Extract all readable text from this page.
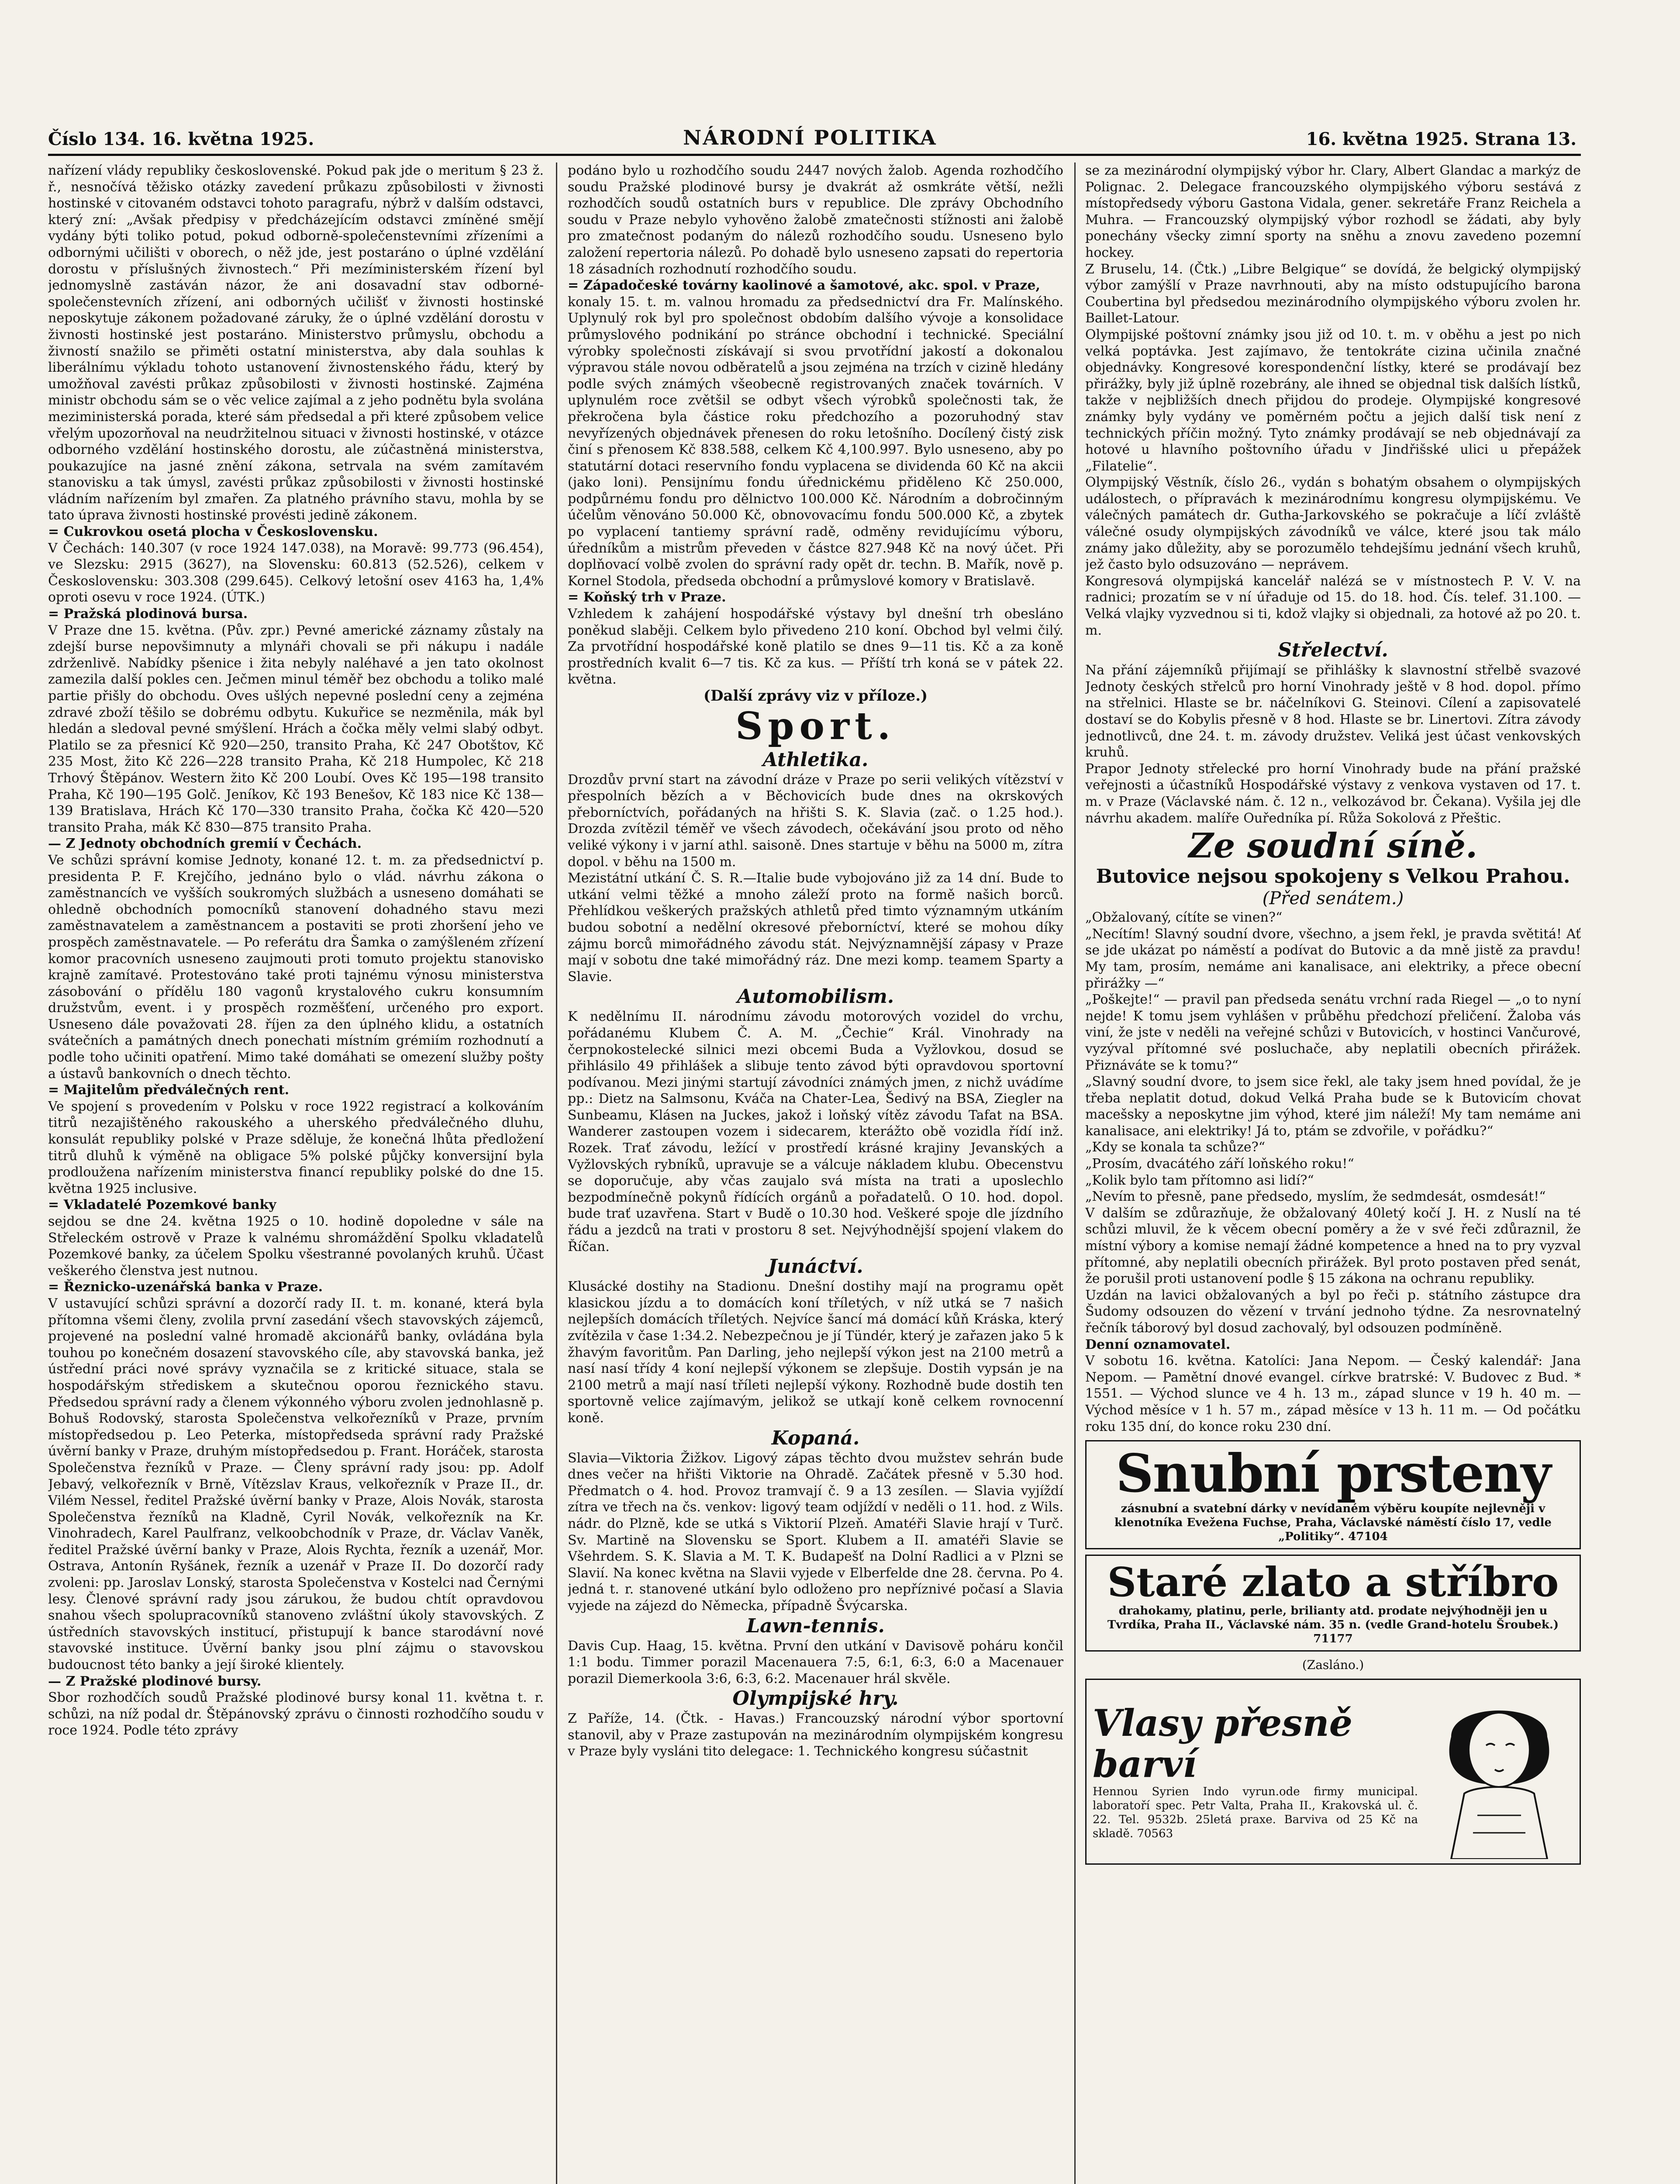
Číslo 134. 16. května 1925.	NÁRODNÍ POLITIKA	16. května 1925. Strana 13.

nařízení vlády republiky československé. Pokud pak jde o meritum § 23 ž. ř., nesnočívá těžisko otázky zavedení průkazu způsobilosti v živnosti hostinské v citovaném odstavci tohoto paragrafu, nýbrž v dalším odstavci, který zní: „Avšak předpisy v předcházejícím odstavci zmíněné smějí vydány býti toliko potud, pokud odborně-společenstevními zřízeními a odbornými učilišti v oborech, o něž jde, jest postaráno o úplné vzdělání dorostu v příslušných živnostech.“ Při mezíministerském řízení byl jednomyslně zastáván názor, že ani dosavadní stav odborné-společenstevních zřízení, ani odborných učilišť v živnosti hostinské neposkytuje zákonem požadované záruky, že o úplné vzdělání dorostu v živnosti hostinské jest postaráno. Ministerstvo průmyslu, obchodu a živností snažilo se přiměti ostatní ministerstva, aby dala souhlas k liberálnímu výkladu tohoto ustanovení živnostenského řádu, který by umožňoval zavésti průkaz způsobilosti v živnosti hostinské. Zajména ministr obchodu sám se o věc velice zajímal a z jeho podnětu byla svolána meziministerská porada, které sám předsedal a při které způsobem velice vřelým upozorňoval na neudržitelnou situaci v živnosti hostinské, v otázce odborného vzdělání hostinského dorostu, ale zúčastněná ministerstva, poukazujíce na jasné znění zákona, setrvala na svém zamítavém stanovisku a tak úmysl, zavésti průkaz způsobilosti v živnosti hostinské vládním nařízením byl zmařen. Za platného právního stavu, mohla by se tato úprava živnosti hostinské provésti jedině zákonem.

= Cukrovkou osetá plocha v Československu.

V Čechách: 140.307 (v roce 1924 147.038), na Moravě: 99.773 (96.454), ve Slezsku: 2915 (3627), na Slovensku: 60.813 (52.526), celkem v Československu: 303.308 (299.645). Celkový letošní osev 4163 ha, 1,4% oproti osevu v roce 1924. (ÚTK.)

= Pražská plodinová bursa.

V Praze dne 15. května. (Pův. zpr.) Pevné americké záznamy zůstaly na zdejší burse nepovšimnuty a mlynáři chovali se při nákupu i nadále zdrženlivě. Nabídky pšenice i žita nebyly naléhavé a jen tato okolnost zamezila další pokles cen. Ječmen minul téměř bez obchodu a toliko malé partie přišly do obchodu. Oves ušlých nepevné poslední ceny a zejména zdravé zboží těšilo se dobrému odbytu. Kukuřice se nezměnila, mák byl hledán a sledoval pevné smýšlení. Hrách a čočka měly velmi slabý odbyt. Platilo se za přesnicí Kč 920—250, transito Praha, Kč 247 Obotštov, Kč 235 Most, žito Kč 226—228 transito Praha, Kč 218 Humpolec, Kč 218 Trhový Štěpánov. Western žito Kč 200 Loubí. Oves Kč 195—198 transito Praha, Kč 190—195 Golč. Jeníkov, Kč 193 Benešov, Kč 183 nice Kč 138—139 Bratislava, Hrách Kč 170—330 transito Praha, čočka Kč 420—520 transito Praha, mák Kč 830—875 transito Praha.

— Z Jednoty obchodních gremií v Čechách.

Ve schůzi správní komise Jednoty, konané 12. t. m. za předsednictví p. presidenta P. F. Krejčího, jednáno bylo o vlád. návrhu zákona o zaměstnancích ve vyšších soukromých službách a usneseno domáhati se ohledně obchodních pomocníků stanovení dohadného stavu mezi zaměstnavatelem a zaměstnancem a postaviti se proti zhoršení jeho ve prospěch zaměstnavatele. — Po referátu dra Šamka o zamýšleném zřízení komor pracovních usneseno zaujmouti proti tomuto projektu stanovisko krajně zamítavé. Protestováno také proti tajnému výnosu ministerstva zásobování o přídělu 180 vagonů krystalového cukru konsumním družstvům, event. i y prospěch rozměšťení, určeného pro export. Usneseno dále považovati 28. říjen za den úplného klidu, a ostatních svátečních a památných dnech ponechati místním grémiím rozhodnutí a podle toho učiniti opatření. Mimo také domáhati se omezení služby pošty a ústavů bankovních o dnech těchto.

= Majitelům předválečných rent.

Ve spojení s provedením v Polsku v roce 1922 registrací a kolkováním titrů nezajištěného rakouského a uherského předválečného dluhu, konsulát republiky polské v Praze sděluje, že konečná lhůta předložení titrů dluhů k výměně na obligace 5% polské půjčky konversijní byla prodloužena nařízením ministerstva financí republiky polské do dne 15. května 1925 inclusive.

= Vkladatelé Pozemkové banky

sejdou se dne 24. května 1925 o 10. hodině dopoledne v sále na Střeleckém ostrově v Praze k valnému shromáždění Spolku vkladatelů Pozemkové banky, za účelem Spolku všestranné povolaných kruhů. Účast veškerého členstva jest nutnou.

= Řeznicko-uzenářská banka v Praze.

V ustavující schůzi správní a dozorčí rady II. t. m. konané, která byla přítomna všemi členy, zvolila první zasedání všech stavovských zájemců, projevené na poslední valné hromadě akcionářů banky, ovládána byla touhou po konečném dosazení stavovského cíle, aby stavovská banka, jež ústřední práci nové správy vyznačila se z kritické situace, stala se hospodářským střediskem a skutečnou oporou řeznického stavu. Předsedou správní rady a členem výkonného výboru zvolen jednohlasně p. Bohuš Rodovský, starosta Společenstva velkořezníků v Praze, prvním místopředsedou p. Leo Peterka, místopředseda správní rady Pražské úvěrní banky v Praze, druhým místopředsedou p. Frant. Horáček, starosta Společenstva řezníků v Praze. — Členy správní rady jsou: pp. Adolf Jebavý, velkořezník v Brně, Vítězslav Kraus, velkořezník v Praze II., dr. Vilém Nessel, ředitel Pražské úvěrní banky v Praze, Alois Novák, starosta Společenstva řezníků na Kladně, Cyril Novák, velkořezník na Kr. Vinohradech, Karel Paulfranz, velkoobchodník v Praze, dr. Václav Vaněk, ředitel Pražské úvěrní banky v Praze, Alois Rychta, řezník a uzenář, Mor. Ostrava, Antonín Ryšánek, řezník a uzenář v Praze II. Do dozorčí rady zvoleni: pp. Jaroslav Lonský, starosta Společenstva v Kostelci nad Černými lesy. Členové správní rady jsou zárukou, že budou chtít opravdovou snahou všech spolupracovníků stanoveno zvláštní úkoly stavovských. Z ústředních stavovských institucí, přistupují k bance starodávní nové stavovské instituce. Úvěrní banky jsou plní zájmu o stavovskou budoucnost této banky a její široké klientely.

— Z Pražské plodinové bursy.

Sbor rozhodčích soudů Pražské plodinové bursy konal 11. května t. r. schůzi, na níž podal dr. Štěpánovský zprávu o činnosti rozhodčího soudu v roce 1924. Podle této zprávy

podáno bylo u rozhodčího soudu 2447 nových žalob. Agenda rozhodčího soudu Pražské plodinové bursy je dvakrát až osmkráte větší, nežli rozhodčích soudů ostatních burs v republice. Dle zprávy Obchodního soudu v Praze nebylo vyhověno žalobě zmatečnosti stížnosti ani žalobě pro zmatečnost podaným do nálezů rozhodčího soudu. Usneseno bylo založení repertoria nálezů. Po dohadě bylo usneseno zapsati do repertoria 18 zásadních rozhodnutí rozhodčího soudu.

= Západočeské továrny kaolinové a šamotové, akc. spol. v Praze,

konaly 15. t. m. valnou hromadu za předsednictví dra Fr. Malínského. Uplynulý rok byl pro společnost obdobím dalšího vývoje a konsolidace průmyslového podnikání po stránce obchodní i technické. Speciální výrobky společnosti získávají si svou prvotřídní jakostí a dokonalou výpravou stále novou odběratelů a jsou zejména na trzích v cizině hledány podle svých známých všeobecně registrovaných značek továrních. V uplynulém roce zvětšil se odbyt všech výrobků společnosti tak, že překročena byla částice roku předchozího a pozoruhodný stav nevyřízených objednávek přenesen do roku letošního. Docílený čistý zisk činí s přenosem Kč 838.588, celkem Kč 4,100.997. Bylo usneseno, aby po statutární dotaci reservního fondu vyplacena se dividenda 60 Kč na akcii (jako loni). Pensijnímu fondu úřednickému přiděleno Kč 250.000, podpůrnému fondu pro dělnictvo 100.000 Kč. Národním a dobročinným účelům věnováno 50.000 Kč, obnovovacímu fondu 500.000 Kč, a zbytek po vyplacení tantiemy správní radě, odměny revidujícímu výboru, úředníkům a mistrům převeden v částce 827.948 Kč na nový účet. Při doplňovací volbě zvolen do správní rady opět dr. techn. B. Mařík, nově p. Kornel Stodola, předseda obchodní a průmyslové komory v Bratislavě.

= Koňský trh v Praze.

Vzhledem k zahájení hospodářské výstavy byl dnešní trh obesláno poněkud slaběji. Celkem bylo přivedeno 210 koní. Obchod byl velmi čilý. Za prvotřídní hospodářské koně platilo se dnes 9—11 tis. Kč a za koně prostředních kvalit 6—7 tis. Kč za kus. — Příští trh koná se v pátek 22. května.

(Další zprávy viz v příloze.)

Sport.

Athletika.

Drozdův první start na závodní dráze v Praze po serii velikých vítězství v přespolních bězích a v Běchovicích bude dnes na okrskových přeborníctvích, pořádaných na hřišti S. K. Slavia (zač. o 1.25 hod.). Drozda zvítězil téměř ve všech závodech, očekávání jsou proto od něho veliké výkony i v jarní athl. saisoně. Dnes startuje v běhu na 5000 m, zítra dopol. v běhu na 1500 m.

Mezistátní utkání Č. S. R.—Italie bude vybojováno již za 14 dní. Bude to utkání velmi těžké a mnoho záleží proto na formě našich borců. Přehlídkou veškerých pražských athletů před timto významným utkáním budou sobotní a nedělní okresové přeborníctví, které se mohou díky zájmu borců mimořádného závodu stát. Nejvýznamnější zápasy v Praze mají v sobotu dne také mimořádný ráz. Dne mezi komp. teamem Sparty a Slavie.

Automobilism.

K nedělnímu II. národnímu závodu motorových vozidel do vrchu, pořádanému Klubem Č. A. M. „Čechie“ Král. Vinohrady na čerpnokostelecké silnici mezi obcemi Buda a Vyžlovkou, dosud se přihlásilo 49 přihlášek a slibuje tento závod býti opravdovou sportovní podívanou. Mezi jinými startují závodníci známých jmen, z nichž uvádíme pp.: Dietz na Salmsonu, Kváča na Chater-Lea, Šedivý na BSA, Ziegler na Sunbeamu, Klásen na Juckes, jakož i loňský vítěz závodu Tafat na BSA. Wanderer zastoupen vozem i sidecarem, kterážto obě vozidla řídí inž. Rozek. Trať závodu, ležící v prostředí krásné krajiny Jevanských a Vyžlovských rybníků, upravuje se a válcuje nákladem klubu. Obecenstvu se doporučuje, aby včas zaujalo svá místa na trati a uposlechlo bezpodmínečně pokynů řídících orgánů a pořadatelů. O 10. hod. dopol. bude trať uzavřena. Start v Budě o 10.30 hod. Veškeré spoje dle jízdního řádu a jezdců na trati v prostoru 8 set. Nejvýhodnější spojení vlakem do Říčan.

Junáctví.

Klusácké dostihy na Stadionu. Dnešní dostihy mají na programu opět klasickou jízdu a to domácích koní tříletých, v níž utká se 7 našich nejlepších domácích tříletých. Nejvíce šancí má domácí kůň Kráska, který zvítězila v čase 1:34.2. Nebezpečnou je jí Tündér, který je zařazen jako 5 k žhavým favoritům. Pan Darling, jeho nejlepší výkon jest na 2100 metrů a nasí nasí třídy 4 koní nejlepší výkonem se zlepšuje. Dostih vypsán je na 2100 metrů a mají nasí tříleti nejlepší výkony. Rozhodně bude dostih ten sportovně velice zajímavým, jelikož se utkají koně celkem rovnocenní koně.

Kopaná.

Slavia—Viktoria Žižkov. Ligový zápas těchto dvou mužstev sehrán bude dnes večer na hřišti Viktorie na Ohradě. Začátek přesně v 5.30 hod. Předmatch o 4. hod. Provoz tramvají č. 9 a 13 zesílen. — Slavia vyjíždí zítra ve třech na čs. venkov: ligový team odjíždí v neděli o 11. hod. z Wils. nádr. do Plzně, kde se utká s Viktorií Plzeň. Amatéři Slavie hrají v Turč. Sv. Martině na Slovensku se Sport. Klubem a II. amatéři Slavie se Všehrdem. S. K. Slavia a M. T. K. Budapešť na Dolní Radlici a v Plzni se Slavií. Na konec května na Slavii vyjede v Elberfelde dne 28. června. Po 4. jedná t. r. stanovené utkání bylo odloženo pro nepříznivé počasí a Slavia vyjede na zájezd do Německa, případně Švýcarska.

Lawn-tennis.

Davis Cup. Haag, 15. května. První den utkání v Davisově poháru končil 1:1 bodu. Timmer porazil Macenauera 7:5, 6:1, 6:3, 6:0 a Macenauer porazil Diemerkoola 3:6, 6:3, 6:2. Macenauer hrál skvěle.

Olympijské hry.

Z Paříže, 14. (Čtk. - Havas.) Francouzský národní výbor sportovní stanovil, aby v Praze zastupován na mezinárodním olympijském kongresu v Praze byly vysláni tito delegace: 1. Technického kongresu súčastnit

se za mezinárodní olympijský výbor hr. Clary, Albert Glandac a markýz de Polignac. 2. Delegace francouzského olympijského výboru sestává z místopředsedy výboru Gastona Vidala, gener. sekretáře Franz Reichela a Muhra. — Francouzský olympijský výbor rozhodl se žádati, aby byly ponechány všecky zimní sporty na sněhu a znovu zavedeno pozemní hockey.

Z Bruselu, 14. (Čtk.) „Libre Belgique“ se dovídá, že belgický olympijský výbor zamýšlí v Praze navrhnouti, aby na místo odstupujícího barona Coubertina byl předsedou mezinárodního olympijského výboru zvolen hr. Baillet-Latour.

Olympijské poštovní známky jsou již od 10. t. m. v oběhu a jest po nich velká poptávka. Jest zajímavo, že tentokráte cizina učinila značné objednávky. Kongresové korespondenční lístky, které se prodávají bez přirážky, byly již úplně rozebrány, ale ihned se objednal tisk dalších lístků, takže v nejbližších dnech přijdou do prodeje. Olympijské kongresové známky byly vydány ve poměrném počtu a jejich další tisk není z technických příčin možný. Tyto známky prodávají se neb objednávají za hotové u hlavního poštovního úřadu v Jindřišské ulici u přepážek „Filatelie“.

Olympijský Věstník, číslo 26., vydán s bohatým obsahem o olympijských událostech, o přípravách k mezinárodnímu kongresu olympijskému. Ve válečných památech dr. Gutha-Jarkovského se pokračuje a líčí zvláště válečné osudy olympijských závodníků ve válce, které jsou tak málo známy jako důležity, aby se porozumělo tehdejšímu jednání všech kruhů, jež často bylo odsuzováno — neprávem.

Kongresová olympijská kancelář nalézá se v místnostech P. V. V. na radnici; prozatím se v ní úřaduje od 15. do 18. hod. Čís. telef. 31.100. — Velká vlajky vyzvednou si ti, kdož vlajky si objednali, za hotové až po 20. t. m.

Střelectví.

Na přání zájemníků přijímají se přihlášky k slavnostní střelbě svazové Jednoty českých střelců pro horní Vinohrady ještě v 8 hod. dopol. přímo na střelnici. Hlaste se br. náčelníkovi G. Steinovi. Cílení a zapisovatelé dostaví se do Kobylis přesně v 8 hod. Hlaste se br. Linertovi. Zítra závody jednotlivců, dne 24. t. m. závody družstev. Veliká jest účast venkovských kruhů.

Prapor Jednoty střelecké pro horní Vinohrady bude na přání pražské veřejnosti a účastníků Hospodářské výstavy z venkova vystaven od 17. t. m. v Praze (Václavské nám. č. 12 n., velkozávod br. Čekana). Vyšila jej dle návrhu akadem. malíře Ouředníka pí. Růža Sokolová z Přeštic.

Ze soudní síně.

Butovice nejsou spokojeny s Velkou Prahou.

(Před senátem.)

„Obžalovaný, cítíte se vinen?“

„Necítím! Slavný soudní dvore, všechno, a jsem řekl, je pravda světitá! Ať se jde ukázat po náměstí a podívat do Butovic a da mně jistě za pravdu! My tam, prosím, nemáme ani kanalisace, ani elektriky, a přece obecní přirážky —“

„Poškejte!“ — pravil pan předseda senátu vrchní rada Riegel — „o to nyní nejde! K tomu jsem vyhlášen v průběhu předchozí přeličení. Žaloba vás viní, že jste v neděli na veřejné schůzi v Butovicích, v hostinci Vančurové, vyzýval přítomné své posluchače, aby neplatili obecních přirážek. Přiznáváte se k tomu?“

„Slavný soudní dvore, to jsem sice řekl, ale taky jsem hned povídal, že je třeba neplatit dotud, dokud Velká Praha bude se k Butovicím chovat macešsky a neposkytne jim výhod, které jim náleží! My tam nemáme ani kanalisace, ani elektriky! Já to, ptám se zdvořile, v pořádku?“

„Kdy se konala ta schůze?“

„Prosím, dvacátého září loňského roku!“

„Kolik bylo tam přítomno asi lidí?“

„Nevím to přesně, pane předsedo, myslím, že sedmdesát, osmdesát!“

V dalším se zdůrazňuje, že obžalovaný 40letý kočí J. H. z Nuslí na té schůzi mluvil, že k věcem obecní poměry a že v své řeči zdůraznil, že místní výbory a komise nemají žádné kompetence a hned na to pry vyzval přítomné, aby neplatili obecních přirážek. Byl proto postaven před senát, že porušil proti ustanovení podle § 15 zákona na ochranu republiky.

Uzdán na lavici obžalovaných a byl po řeči p. státního zástupce dra Šudomy odsouzen do vězení v trvání jednoho týdne. Za nesrovnatelný řečník táborový byl dosud zachovalý, byl odsouzen podmíněně.

Denní oznamovatel.

V sobotu 16. května. Katolíci: Jana Nepom. — Český kalendář: Jana Nepom. — Pamětní dnové evangel. církve bratrské: V. Budovec z Bud. * 1551. — Východ slunce ve 4 h. 13 m., západ slunce v 19 h. 40 m. — Východ měsíce v 1 h. 57 m., západ měsíce v 13 h. 11 m. — Od počátku roku 135 dní, do konce roku 230 dní.

Snubní prsteny

zásnubní a svatební dárky v nevídaném výběru koupíte nejlevněji v klenotníka Eveženа Fuchse, Praha, Václavské náměstí číslo 17, vedle „Politiky“. 47104

Staré zlato a stříbro

drahokamy, platinu, perle, briliantу atd. prodate nejvýhodněji jen u Tvrdíka, Praha II., Václavské nám. 35 n. (vedle Grand-hotelu Šroubek.) 71177

(Zasláno.)

Vlasy přesně barví

Hennou Syrien Indo vyrun.ode firmy municipal. laboratoří spec. Petr Valta, Praha II., Krakovská ul. č. 22. Tel. 9532b. 25letá praxe. Barviva od 25 Kč na skladě. 70563
